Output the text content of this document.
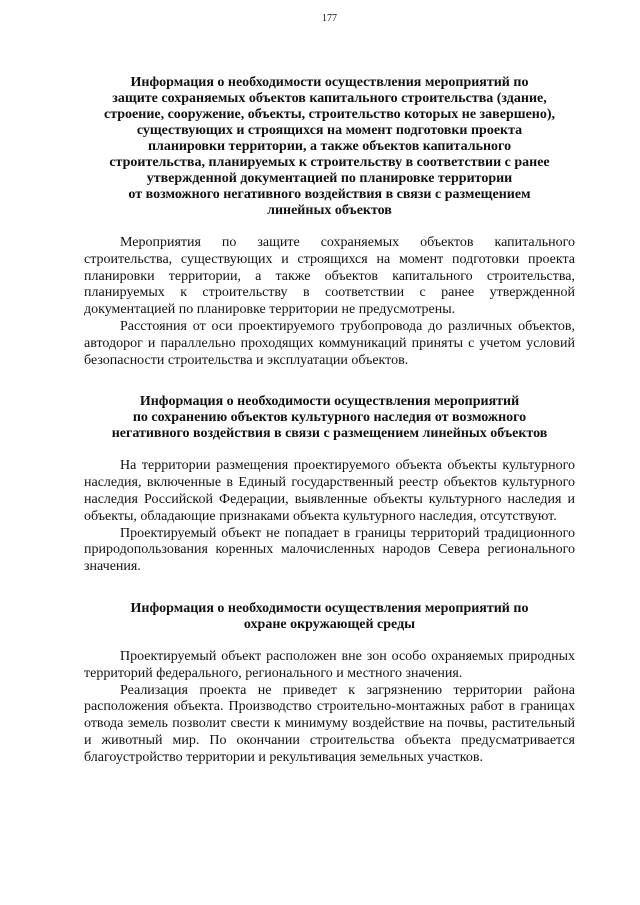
177
Информация о необходимости осуществления мероприятий по
защите сохраняемых объектов капитального строительства (здание,
строение, сооружение, объекты, строительство которых не завершено),
существующих и строящихся на момент подготовки проекта
планировки территории, а также объектов капитального
строительства, планируемых к строительству в соответствии с ранее
утвержденной документацией по планировке территории
от возможного негативного воздействия в связи с размещением
линейных объектов

Мероприятия по защите сохраняемых объектов капитального строительства, существующих и строящихся на момент подготовки проекта планировки территории, а также объектов капитального строительства, планируемых к строительству в соответствии с ранее утвержденной документацией по планировке территории не предусмотрены.

Расстояния от оси проектируемого трубопровода до различных объектов, автодорог и параллельно проходящих коммуникаций приняты с учетом условий безопасности строительства и эксплуатации объектов.

Информация о необходимости осуществления мероприятий
по сохранению объектов культурного наследия от возможного
негативного воздействия в связи с размещением линейных объектов

На территории размещения проектируемого объекта объекты культурного наследия, включенные в Единый государственный реестр объектов культурного наследия Российской Федерации, выявленные объекты культурного наследия и объекты, обладающие признаками объекта культурного наследия, отсутствуют.

Проектируемый объект не попадает в границы территорий традиционного природопользования коренных малочисленных народов Севера регионального значения.

Информация о необходимости осуществления мероприятий по
охране окружающей среды

Проектируемый объект расположен вне зон особо охраняемых природных территорий федерального, регионального и местного значения.

Реализация проекта не приведет к загрязнению территории района расположения объекта. Производство строительно-монтажных работ в границах отвода земель позволит свести к минимуму воздействие на почвы, растительный и животный мир. По окончании строительства объекта предусматривается благоустройство территории и рекультивация земельных участков.
